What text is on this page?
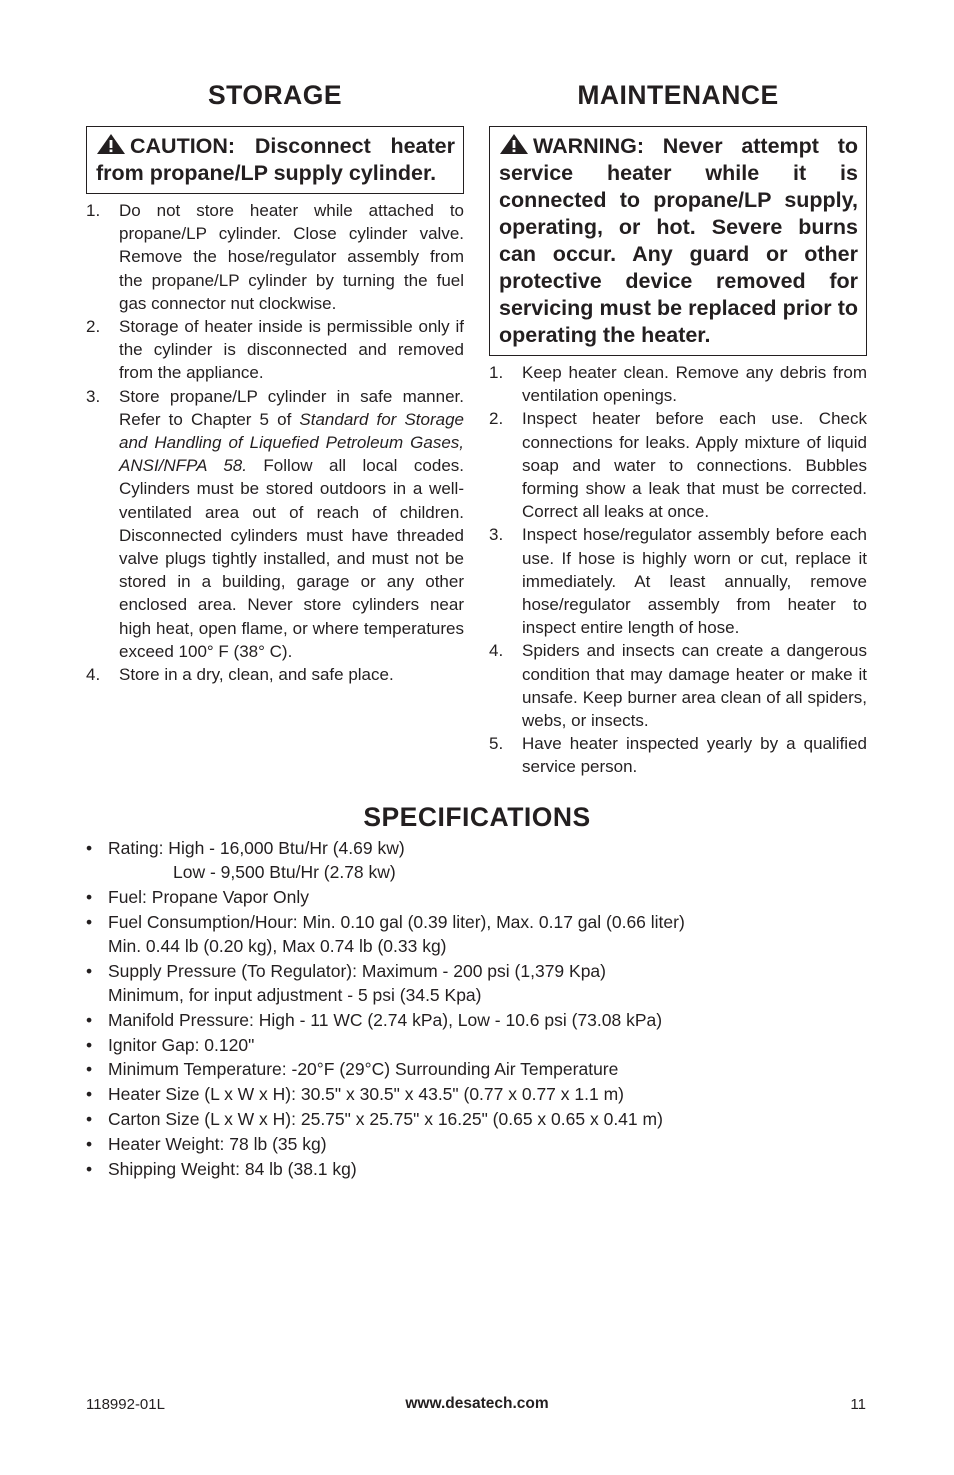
STORAGE
CAUTION: Disconnect heater from propane/LP supply cylinder.
1. Do not store heater while attached to propane/LP cylinder. Close cylinder valve. Remove the hose/regulator assembly from the propane/LP cylinder by turning the fuel gas connector nut clockwise.
2. Storage of heater inside is permissible only if the cylinder is disconnected and removed from the appliance.
3. Store propane/LP cylinder in safe manner. Refer to Chapter 5 of Standard for Storage and Handling of Liquefied Petroleum Gases, ANSI/NFPA 58. Follow all local codes. Cylinders must be stored outdoors in a well-ventilated area out of reach of children. Disconnected cylinders must have threaded valve plugs tightly installed, and must not be stored in a building, garage or any other enclosed area. Never store cylinders near high heat, open flame, or where temperatures exceed 100° F (38° C).
4. Store in a dry, clean, and safe place.
MAINTENANCE
WARNING: Never attempt to service heater while it is connected to propane/LP supply, operating, or hot. Severe burns can occur. Any guard or other protective device removed for servicing must be replaced prior to operating the heater.
1. Keep heater clean. Remove any debris from ventilation openings.
2. Inspect heater before each use. Check connections for leaks. Apply mixture of liquid soap and water to connections. Bubbles forming show a leak that must be corrected. Correct all leaks at once.
3. Inspect hose/regulator assembly before each use. If hose is highly worn or cut, replace it immediately. At least annually, remove hose/regulator assembly from heater to inspect entire length of hose.
4. Spiders and insects can create a dangerous condition that may damage heater or make it unsafe. Keep burner area clean of all spiders, webs, or insects.
5. Have heater inspected yearly by a qualified service person.
SPECIFICATIONS
• Rating: High - 16,000 Btu/Hr (4.69 kw)
Low - 9,500 Btu/Hr (2.78 kw)
• Fuel: Propane Vapor Only
• Fuel Consumption/Hour: Min. 0.10 gal (0.39 liter), Max. 0.17 gal (0.66 liter)
Min. 0.44 lb (0.20 kg), Max 0.74 lb (0.33 kg)
• Supply Pressure (To Regulator): Maximum - 200 psi (1,379 Kpa)
Minimum, for input adjustment - 5 psi (34.5 Kpa)
• Manifold Pressure: High - 11 WC (2.74 kPa), Low - 10.6 psi (73.08 kPa)
• Ignitor Gap: 0.120"
• Minimum Temperature: -20°F (29°C) Surrounding Air Temperature
• Heater Size (L x W x H): 30.5" x 30.5" x 43.5" (0.77 x 0.77 x 1.1 m)
• Carton Size (L x W x H): 25.75" x 25.75" x 16.25" (0.65 x 0.65 x 0.41 m)
• Heater Weight: 78 lb (35 kg)
• Shipping Weight: 84 lb (38.1 kg)
118992-01L	www.desatech.com	11
